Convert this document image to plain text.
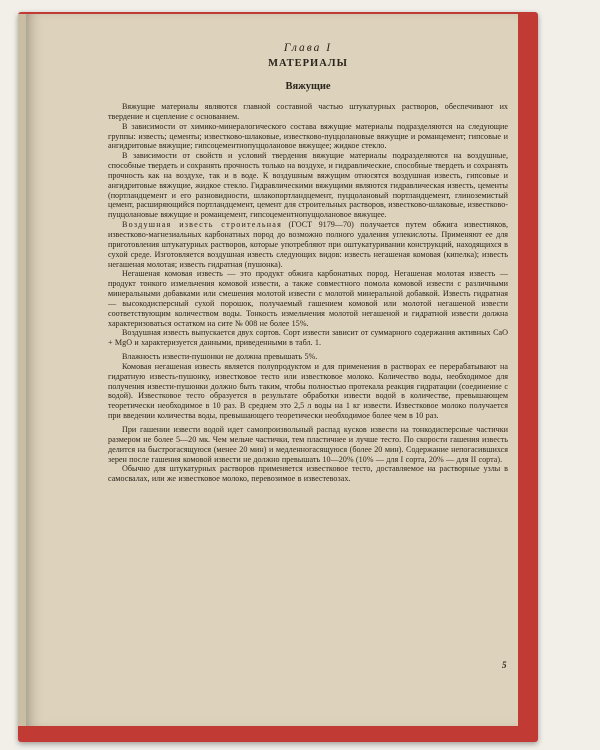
Глава I

МАТЕРИАЛЫ

Вяжущие

Вяжущие материалы являются главной составной частью штукатурных растворов, обеспечивают их твердение и сцепление с основанием.

В зависимости от химико-минералогического состава вяжущие материалы подразделяются на следующие группы: известь; цементы; известково-шлаковые, известково-пуццолановые вяжущие и романцемент; гипсовые и ангидритовые вяжущие; гипсоцементнопуццолановое вяжущее; жидкое стекло.

В зависимости от свойств и условий твердения вяжущие материалы подразделяются на воздушные, способные твердеть и сохранять прочность только на воздухе, и гидравлические, способные твердеть и сохранять прочность как на воздухе, так и в воде. К воздушным вяжущим относятся воздушная известь, гипсовые и ангидритовые вяжущие, жидкое стекло. Гидравлическими вяжущими являются гидравлическая известь, цементы (портландцемент и его разновидности, шлакопортландцемент, пуццолановый портландцемент, глиноземистый цемент, расширяющийся портландцемент, цемент для строительных растворов, известково-шлаковые, известково-пуццолановые вяжущие и романцемент, гипсоцементнопуццолановое вяжущее.

Воздушная известь строительная (ГОСТ 9179—70) получается путем обжига известняков, известково-магнезиальных карбонатных пород до возможно полного удаления углекислоты. Применяют ее для приготовления штукатурных растворов, которые употребляют при оштукатуривании конструкций, находящихся в сухой среде. Изготовляется воздушная известь следующих видов: известь негашеная комовая (кипелка); известь негашеная молотая; известь гидратная (пушонка).

Негашеная комовая известь — это продукт обжига карбонатных пород. Негашеная молотая известь — продукт тонкого измельчения комовой извести, а также совместного помола комовой извести с различными минеральными добавками или смешения молотой извести с молотой минеральной добавкой. Известь гидратная — высокодисперсный сухой порошок, получаемый гашением комовой или молотой негашеной извести соответствующим количеством воды. Тонкость измельчения молотой негашеной и гидратной извести должна характеризоваться остатком на сите № 008 не более 15%.

Воздушная известь выпускается двух сортов. Сорт извести зависит от суммарного содержания активных CaO + MgO и характеризуется данными, приведенными в табл. 1.

Влажность извести-пушонки не должна превышать 5%.

Комовая негашеная известь является полупродуктом и для применения в растворах ее перерабатывают на гидратную известь-пушонку, известковое тесто или известковое молоко. Количество воды, необходимое для получения извести-пушонки должно быть таким, чтобы полностью протекала реакция гидратации (соединение с водой). Известковое тесто образуется в результате обработки извести водой в количестве, превышающем теоретически необходимое в 10 раз. В среднем это 2,5 л воды на 1 кг извести. Известковое молоко получается при введении количества воды, превышающего теоретически необходимое более чем в 10 раз.

При гашении извести водой идет самопроизвольный распад кусков извести на тонкодисперсные частички размером не более 5—20 мк. Чем мельче частички, тем пластичнее и лучше тесто. По скорости гашения известь делится на быстрогасящуюся (менее 20 мин) и медленногасящуюся (более 20 мин). Содержание непогасившихся зерен после гашения комовой извести не должно превышать 10—20% (10% — для I сорта, 20% — для II сорта).

Обычно для штукатурных растворов применяется известковое тесто, доставляемое на растворные узлы в самосвалах, или же известковое молоко, перевозимое в известевозах.

5
